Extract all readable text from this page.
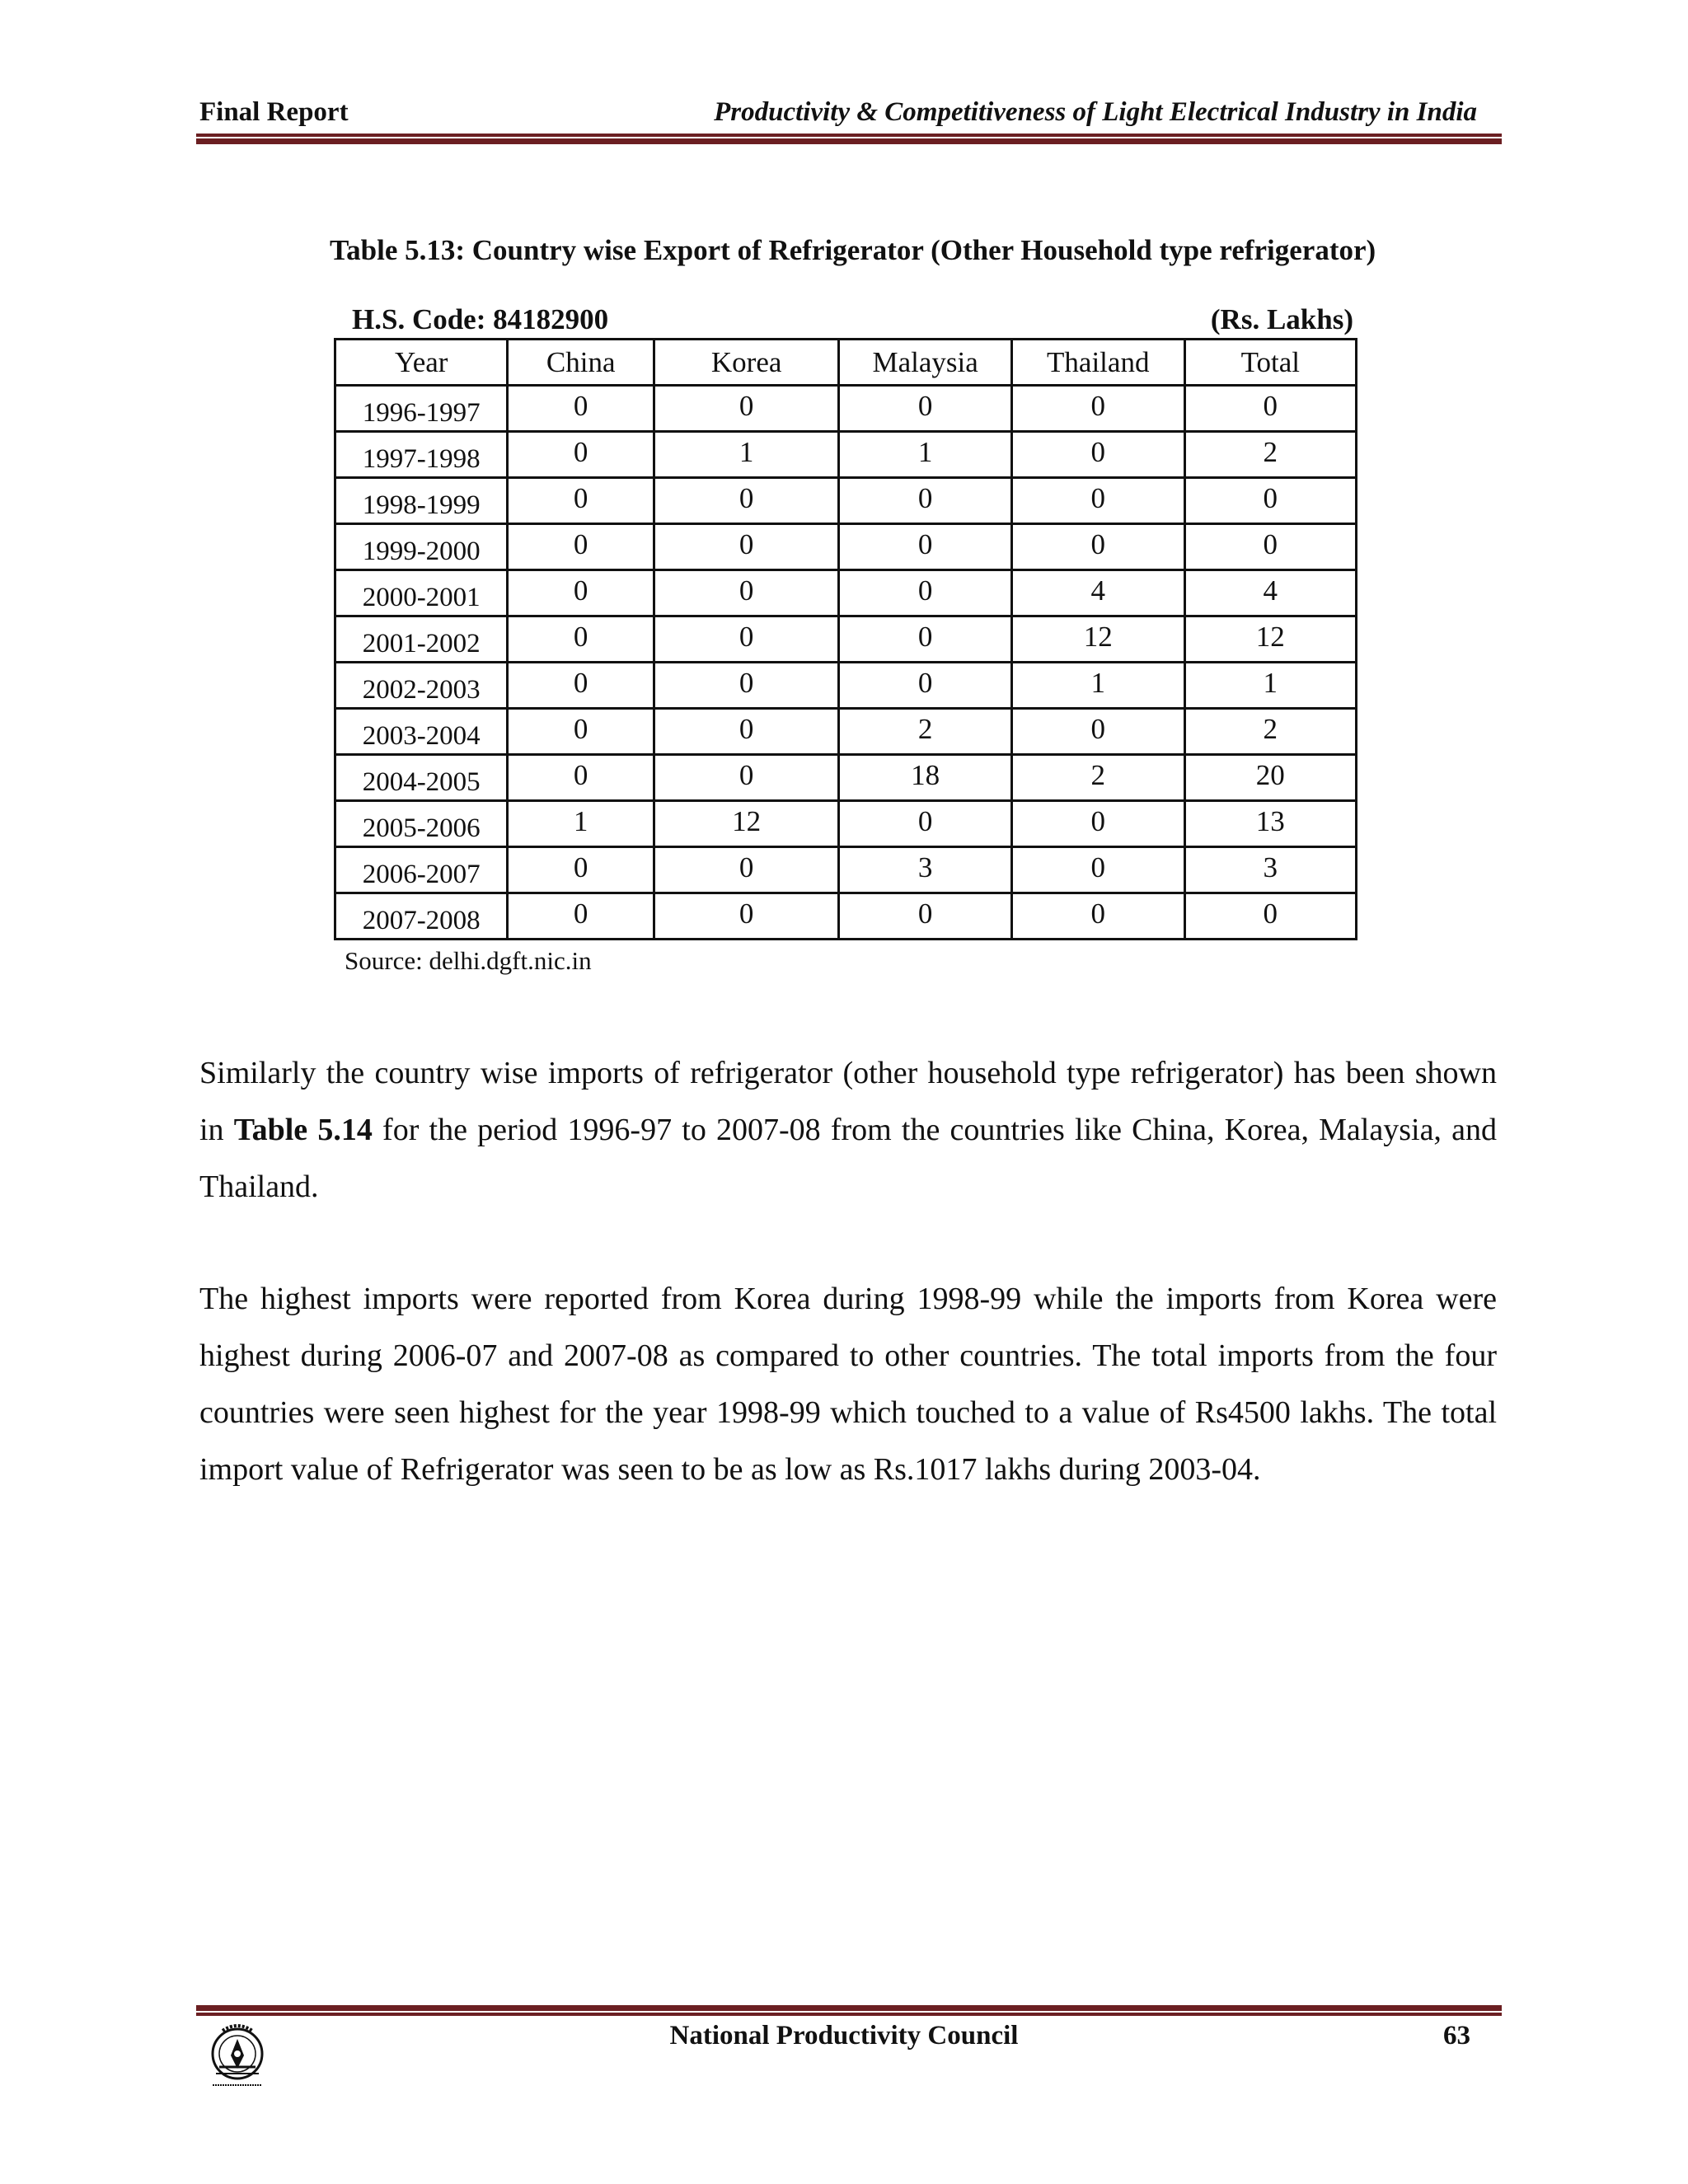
Final Report	Productivity & Competitiveness of Light Electrical Industry in India
Table 5.13: Country wise Export of Refrigerator (Other Household type refrigerator)
H.S. Code: 84182900	(Rs. Lakhs)
Year	China	Korea	Malaysia	Thailand	Total
1996-1997	0	0	0	0	0
1997-1998	0	1	1	0	2
1998-1999	0	0	0	0	0
1999-2000	0	0	0	0	0
2000-2001	0	0	0	4	4
2001-2002	0	0	0	12	12
2002-2003	0	0	0	1	1
2003-2004	0	0	2	0	2
2004-2005	0	0	18	2	20
2005-2006	1	12	0	0	13
2006-2007	0	0	3	0	3
2007-2008	0	0	0	0	0
Source: delhi.dgft.nic.in

Similarly the country wise imports of refrigerator (other household type refrigerator) has been shown in Table 5.14 for the period 1996-97 to 2007-08 from the countries like China, Korea, Malaysia, and Thailand.

The highest imports were reported from Korea during 1998-99 while the imports from Korea were highest during 2006-07 and 2007-08 as compared to other countries. The total imports from the four countries were seen highest for the year 1998-99 which touched to a value of Rs4500 lakhs. The total import value of Refrigerator was seen to be as low as Rs.1017 lakhs during 2003-04.

National Productivity Council	63
